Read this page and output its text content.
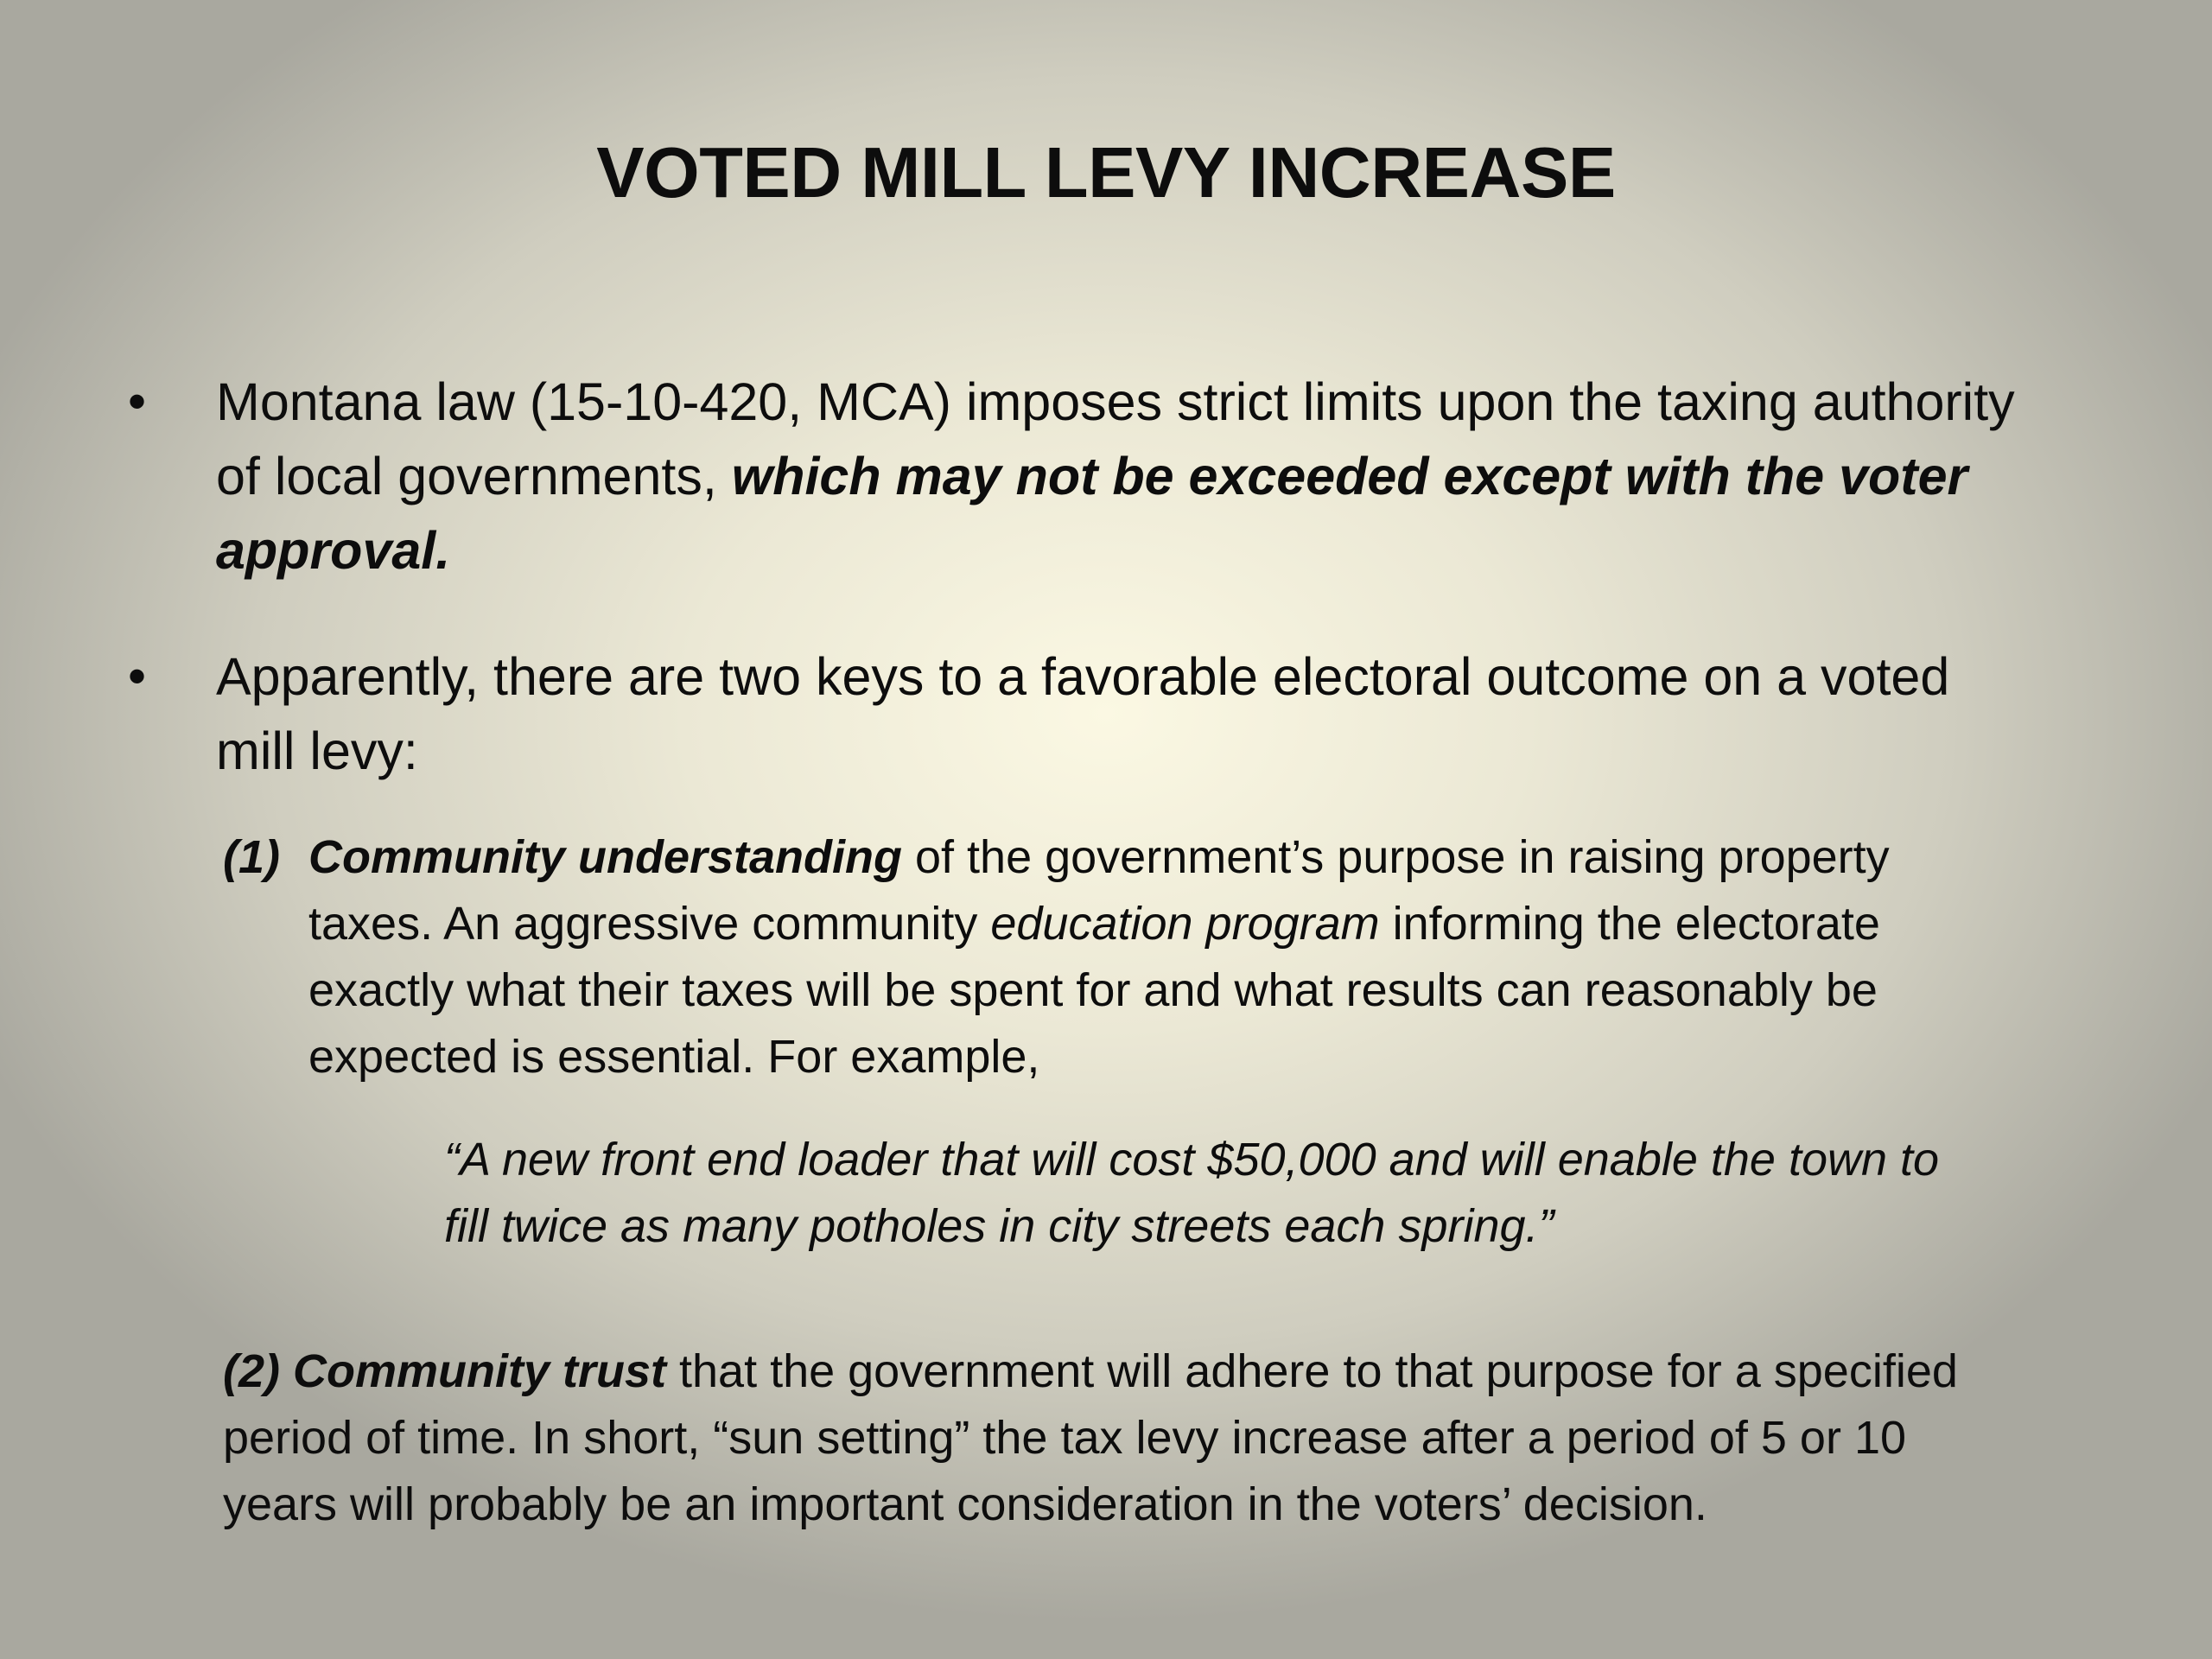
VOTED MILL LEVY INCREASE
• Montana law (15-10-420, MCA) imposes strict limits upon the taxing authority of local governments, which may not be exceeded except with the voter approval.
• Apparently, there are two keys to a favorable electoral outcome on a voted mill levy:
(1) Community understanding of the government’s purpose in raising property taxes. An aggressive community education program informing the electorate exactly what their taxes will be spent for and what results can reasonably be expected is essential. For example,
“A new front end loader that will cost $50,000 and will enable the town to fill twice as many potholes in city streets each spring.”
(2) Community trust that the government will adhere to that purpose for a specified period of time. In short, “sun setting” the tax levy increase after a period of 5 or 10 years will probably be an important consideration in the voters’ decision.
